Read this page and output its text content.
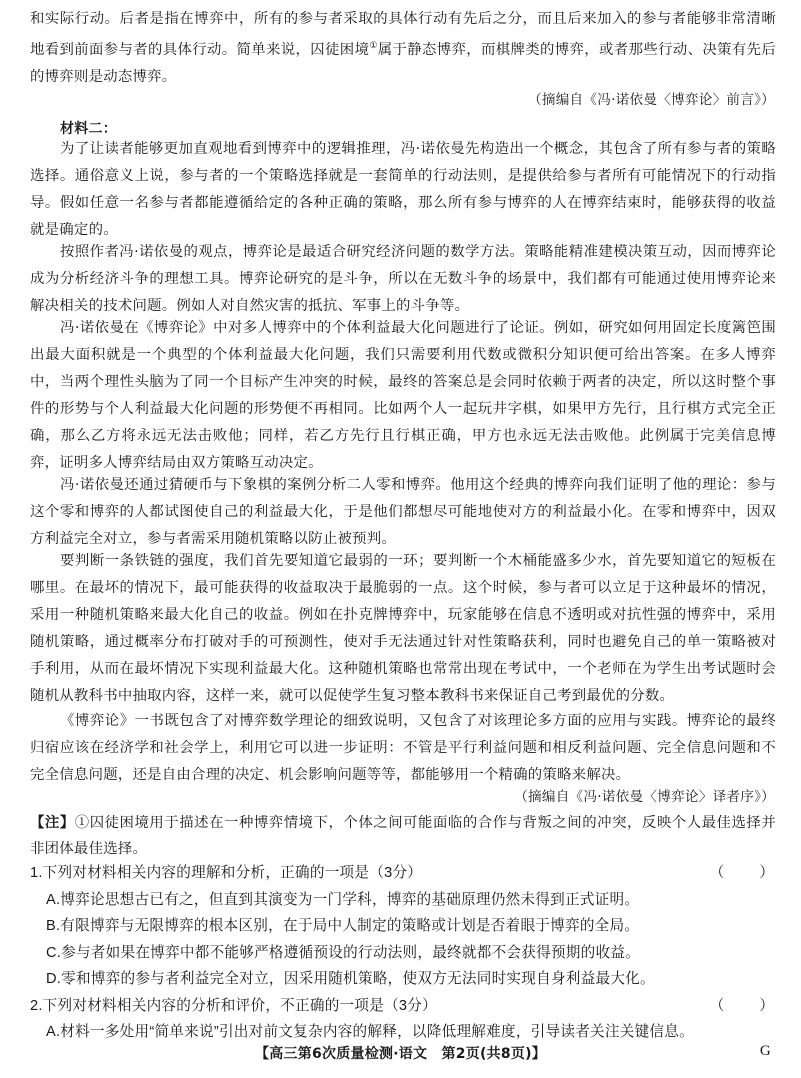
和实际行动。后者是指在博弈中，所有的参与者采取的具体行动有先后之分，而且后来加入的参与者能够非常清晰地看到前面参与者的具体行动。简单来说，囚徒困境①属于静态博弈，而棋牌类的博弈，或者那些行动、决策有先后的博弈则是动态博弈。

（摘编自《冯·诺依曼〈博弈论〉前言》）
材料二：

为了让读者能够更加直观地看到博弈中的逻辑推理，冯·诺依曼先构造出一个概念，其包含了所有参与者的策略选择。通俗意义上说，参与者的一个策略选择就是一套简单的行动法则，是提供给参与者所有可能情况下的行动指导。假如任意一名参与者都能遵循给定的各种正确的策略，那么所有参与博弈的人在博弈结束时，能够获得的收益就是确定的。

按照作者冯·诺依曼的观点，博弈论是最适合研究经济问题的数学方法。策略能精准建模决策互动，因而博弈论成为分析经济斗争的理想工具。博弈论研究的是斗争，所以在无数斗争的场景中，我们都有可能通过使用博弈论来解决相关的技术问题。例如人对自然灾害的抵抗、军事上的斗争等。

冯·诺依曼在《博弈论》中对多人博弈中的个体利益最大化问题进行了论证。例如，研究如何用固定长度篱笆围出最大面积就是一个典型的个体利益最大化问题，我们只需要利用代数或微积分知识便可给出答案。在多人博弈中，当两个理性头脑为了同一个目标产生冲突的时候，最终的答案总是会同时依赖于两者的决定，所以这时整个事件的形势与个人利益最大化问题的形势便不再相同。比如两个人一起玩井字棋，如果甲方先行，且行棋方式完全正确，那么乙方将永远无法击败他；同样，若乙方先行且行棋正确，甲方也永远无法击败他。此例属于完美信息博弈，证明多人博弈结局由双方策略互动决定。

冯·诺依曼还通过猜硬币与下象棋的案例分析二人零和博弈。他用这个经典的博弈向我们证明了他的理论：参与这个零和博弈的人都试图使自己的利益最大化，于是他们都想尽可能地使对方的利益最小化。在零和博弈中，因双方利益完全对立，参与者需采用随机策略以防止被预判。

要判断一条铁链的强度，我们首先要知道它最弱的一环；要判断一个木桶能盛多少水，首先要知道它的短板在哪里。在最坏的情况下，最可能获得的收益取决于最脆弱的一点。这个时候，参与者可以立足于这种最坏的情况，采用一种随机策略来最大化自己的收益。例如在扑克牌博弈中，玩家能够在信息不透明或对抗性强的博弈中，采用随机策略，通过概率分布打破对手的可预测性，使对手无法通过针对性策略获利，同时也避免自己的单一策略被对手利用，从而在最坏情况下实现利益最大化。这种随机策略也常常出现在考试中，一个老师在为学生出考试题时会随机从教科书中抽取内容，这样一来，就可以促使学生复习整本教科书来保证自己考到最优的分数。

《博弈论》一书既包含了对博弈数学理论的细致说明，又包含了对该理论多方面的应用与实践。博弈论的最终归宿应该在经济学和社会学上，利用它可以进一步证明：不管是平行利益问题和相反利益问题、完全信息问题和不完全信息问题，还是自由合理的决定、机会影响问题等等，都能够用一个精确的策略来解决。

（摘编自《冯·诺依曼〈博弈论〉译者序》）

【注】①囚徒困境用于描述在一种博弈情境下，个体之间可能面临的合作与背叛之间的冲突，反映个人最佳选择并非团体最佳选择。

1.下列对材料相关内容的理解和分析，正确的一项是（3分）	（　　）
A.博弈论思想古已有之，但直到其演变为一门学科，博弈的基础原理仍然未得到正式证明。
B.有限博弈与无限博弈的根本区别，在于局中人制定的策略或计划是否着眼于博弈的全局。
C.参与者如果在博弈中都不能够严格遵循预设的行动法则，最终就都不会获得预期的收益。
D.零和博弈的参与者利益完全对立，因采用随机策略，使双方无法同时实现自身利益最大化。
2.下列对材料相关内容的分析和评价，不正确的一项是（3分）	（　　）
A.材料一多处用“简单来说”引出对前文复杂内容的解释，以降低理解难度，引导读者关注关键信息。
【高三第6次质量检测·语文　第2页(共8页)】	G
